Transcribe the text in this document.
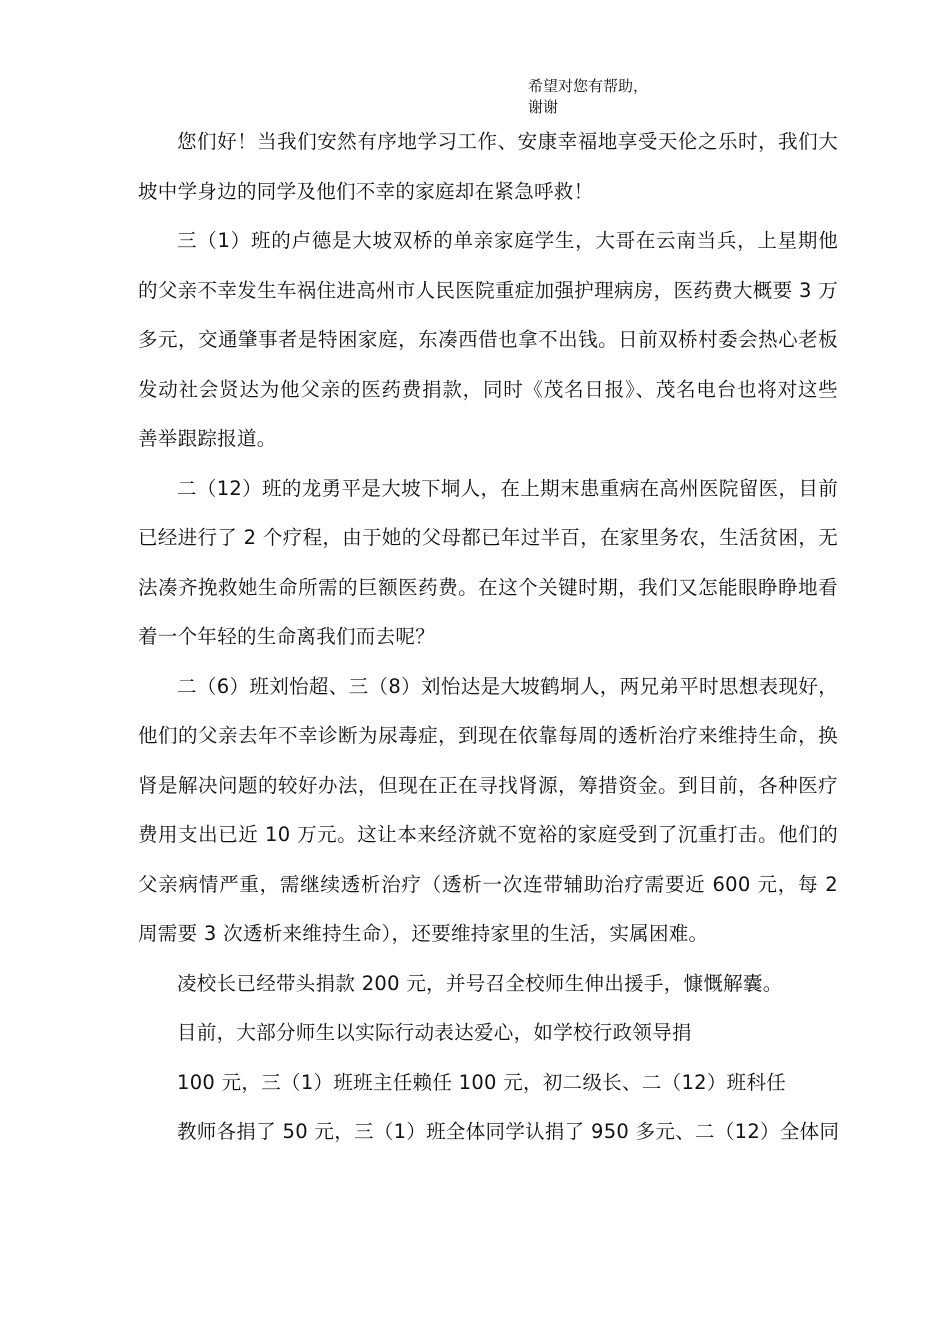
希望对您有帮助，
谢谢

您们好！当我们安然有序地学习工作、安康幸福地享受天伦之乐时，我们大坡中学身边的同学及他们不幸的家庭却在紧急呼救！

三（1）班的卢德是大坡双桥的单亲家庭学生，大哥在云南当兵，上星期他的父亲不幸发生车祸住进高州市人民医院重症加强护理病房，医药费大概要 3 万多元，交通肇事者是特困家庭，东凑西借也拿不出钱。日前双桥村委会热心老板发动社会贤达为他父亲的医药费捐款，同时《茂名日报》、茂名电台也将对这些善举跟踪报道。

二（12）班的龙勇平是大坡下垌人，在上期末患重病在高州医院留医，目前已经进行了 2 个疗程，由于她的父母都已年过半百，在家里务农，生活贫困，无法凑齐挽救她生命所需的巨额医药费。在这个关键时期，我们又怎能眼睁睁地看着一个年轻的生命离我们而去呢？

二（6）班刘怡超、三（8）刘怡达是大坡鹤垌人，两兄弟平时思想表现好，他们的父亲去年不幸诊断为尿毒症，到现在依靠每周的透析治疗来维持生命，换肾是解决问题的较好办法，但现在正在寻找肾源，筹措资金。到目前，各种医疗费用支出已近 10 万元。这让本来经济就不宽裕的家庭受到了沉重打击。他们的父亲病情严重，需继续透析治疗（透析一次连带辅助治疗需要近 600 元，每 2 周需要 3 次透析来维持生命），还要维持家里的生活，实属困难。

凌校长已经带头捐款 200 元，并号召全校师生伸出援手，慷慨解囊。
目前，大部分师生以实际行动表达爱心，如学校行政领导捐
100 元，三（1）班班主任赖任 100 元，初二级长、二（12）班科任
教师各捐了 50 元，三（1）班全体同学认捐了 950 多元、二（12）全体同
